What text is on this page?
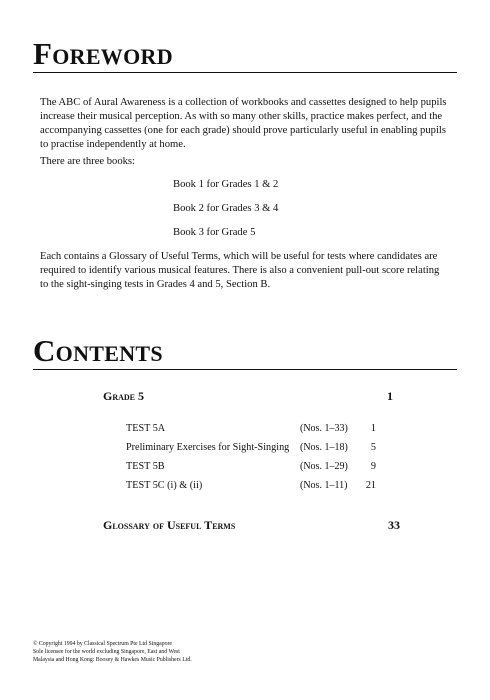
Foreword

The ABC of Aural Awareness is a collection of workbooks and cassettes designed to help pupils increase their musical perception. As with so many other skills, practice makes perfect, and the accompanying cassettes (one for each grade) should prove particularly useful in enabling pupils to practise independently at home.

There are three books:

Book 1 for Grades 1 & 2

Book 2 for Grades 3 & 4

Book 3 for Grade 5

Each contains a Glossary of Useful Terms, which will be useful for tests where candidates are required to identify various musical features. There is also a convenient pull-out score relating to the sight-singing tests in Grades 4 and 5, Section B.

Contents
Grade 5	1
TEST 5A	(Nos. 1–33)	1
Preliminary Exercises for Sight-Singing (Nos. 1–18)	5
TEST 5B	(Nos. 1–29)	9
TEST 5C (i) & (ii)	(Nos. 1–11)	21
Glossary of Useful Terms	33
© Copyright 1994 by Classical Spectrum Pte Ltd Singapore
Sole licensee for the world excluding Singapore, East and West
Malaysia and Hong Kong: Boosey & Hawkes Music Publishers Ltd.
